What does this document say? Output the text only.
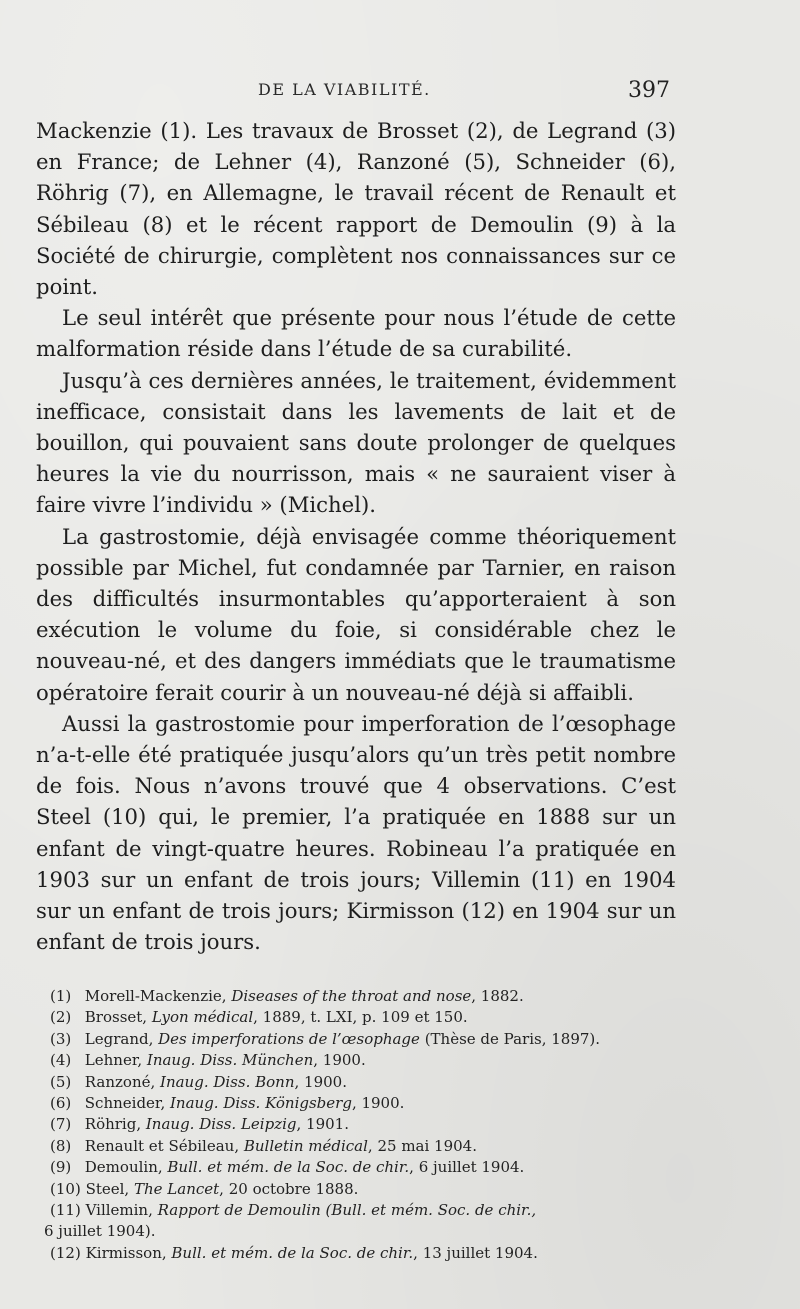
DE LA VIABILITÉ.	397

Mackenzie (1). Les travaux de Brosset (2), de Legrand (3) en France; de Lehner (4), Ranzoné (5), Schneider (6), Röhrig (7), en Allemagne, le travail récent de Renault et Sébileau (8) et le récent rapport de Demoulin (9) à la Société de chirurgie, complètent nos connaissances sur ce point.

Le seul intérêt que présente pour nous l’étude de cette malformation réside dans l’étude de sa curabilité.

Jusqu’à ces dernières années, le traitement, évidemment inefficace, consistait dans les lavements de lait et de bouillon, qui pouvaient sans doute prolonger de quelques heures la vie du nourrisson, mais « ne sauraient viser à faire vivre l’individu » (Michel).

La gastrostomie, déjà envisagée comme théoriquement possible par Michel, fut condamnée par Tarnier, en raison des difficultés insurmontables qu’apporteraient à son exécution le volume du foie, si considérable chez le nouveau-né, et des dangers immédiats que le traumatisme opératoire ferait courir à un nouveau-né déjà si affaibli.

Aussi la gastrostomie pour imperforation de l’œsophage n’a-t-elle été pratiquée jusqu’alors qu’un très petit nombre de fois. Nous n’avons trouvé que 4 observations. C’est Steel (10) qui, le premier, l’a pratiquée en 1888 sur un enfant de vingt-quatre heures. Robineau l’a pratiquée en 1903 sur un enfant de trois jours; Villemin (11) en 1904 sur un enfant de trois jours; Kirmisson (12) en 1904 sur un enfant de trois jours.

(1) Morell-Mackenzie, Diseases of the throat and nose, 1882.

(2) Brosset, Lyon médical, 1889, t. LXI, p. 109 et 150.

(3) Legrand, Des imperforations de l’œsophage (Thèse de Paris, 1897).

(4) Lehner, Inaug. Diss. München, 1900.

(5) Ranzoné, Inaug. Diss. Bonn, 1900.

(6) Schneider, Inaug. Diss. Königsberg, 1900.

(7) Röhrig, Inaug. Diss. Leipzig, 1901.

(8) Renault et Sébileau, Bulletin médical, 25 mai 1904.

(9) Demoulin, Bull. et mém. de la Soc. de chir., 6 juillet 1904.

(10) Steel, The Lancet, 20 octobre 1888.

(11) Villemin, Rapport de Demoulin (Bull. et mém. Soc. de chir.,
6 juillet 1904).

(12) Kirmisson, Bull. et mém. de la Soc. de chir., 13 juillet 1904.
